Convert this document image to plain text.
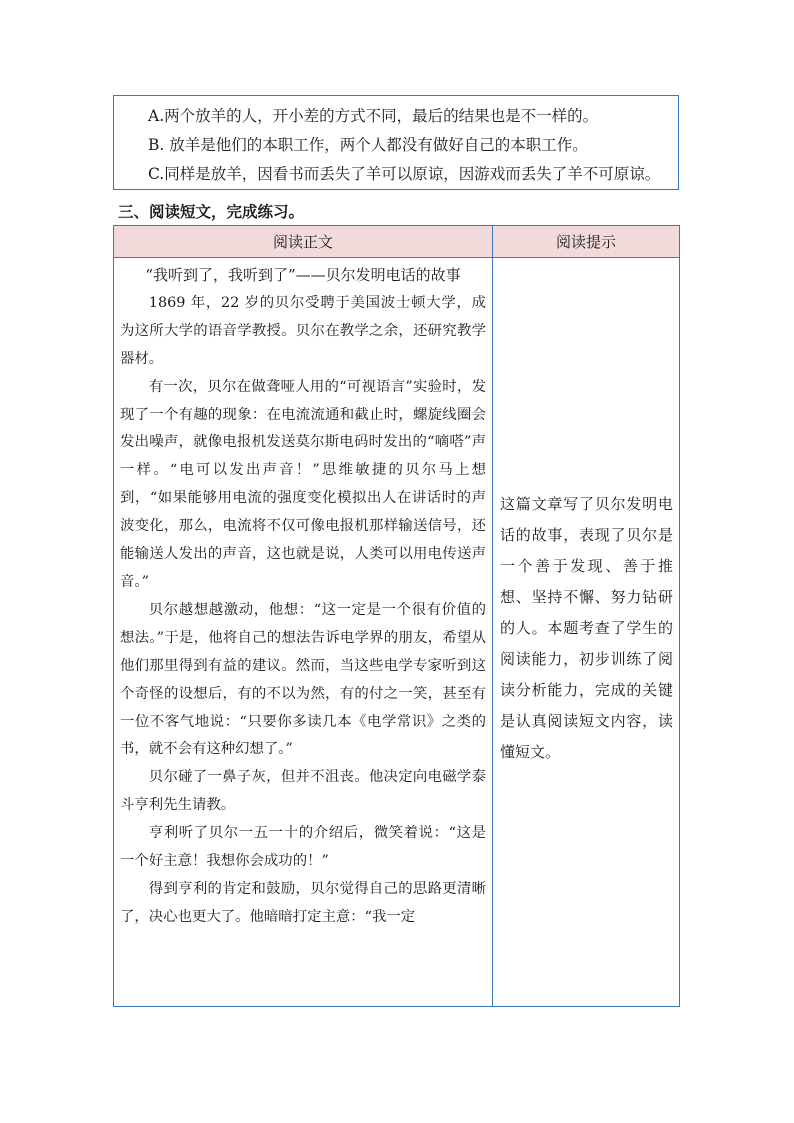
A.两个放羊的人，开小差的方式不同，最后的结果也是不一样的。
B. 放羊是他们的本职工作，两个人都没有做好自己的本职工作。
C.同样是放羊，因看书而丢失了羊可以原谅，因游戏而丢失了羊不可原谅。
三、阅读短文，完成练习。
阅读正文	阅读提示

“我听到了，我听到了”——贝尔发明电话的故事

1869 年，22 岁的贝尔受聘于美国波士顿大学，成为这所大学的语音学教授。贝尔在教学之余，还研究教学器材。

有一次，贝尔在做聋哑人用的“可视语言”实验时，发现了一个有趣的现象：在电流流通和截止时，螺旋线圈会发出噪声，就像电报机发送莫尔斯电码时发出的“嘀嗒”声一样。“电可以发出声音！”思维敏捷的贝尔马上想到，“如果能够用电流的强度变化模拟出人在讲话时的声波变化，那么，电流将不仅可像电报机那样输送信号，还能输送人发出的声音，这也就是说，人类可以用电传送声音。”

贝尔越想越激动，他想：“这一定是一个很有价值的想法。”于是，他将自己的想法告诉电学界的朋友，希望从他们那里得到有益的建议。然而，当这些电学专家听到这个奇怪的设想后，有的不以为然，有的付之一笑，甚至有一位不客气地说：“只要你多读几本《电学常识》之类的书，就不会有这种幻想了。”

贝尔碰了一鼻子灰，但并不沮丧。他决定向电磁学泰斗亨利先生请教。

亨利听了贝尔一五一十的介绍后，微笑着说：“这是一个好主意！我想你会成功的！”

得到亨利的肯定和鼓励，贝尔觉得自己的思路更清晰了，决心也更大了。他暗暗打定主意：“我一定

这篇文章写了贝尔发明电话的故事，表现了贝尔是一个善于发现、善于推想、坚持不懈、努力钻研的人。本题考查了学生的阅读能力，初步训练了阅读分析能力，完成的关键是认真阅读短文内容，读懂短文。
